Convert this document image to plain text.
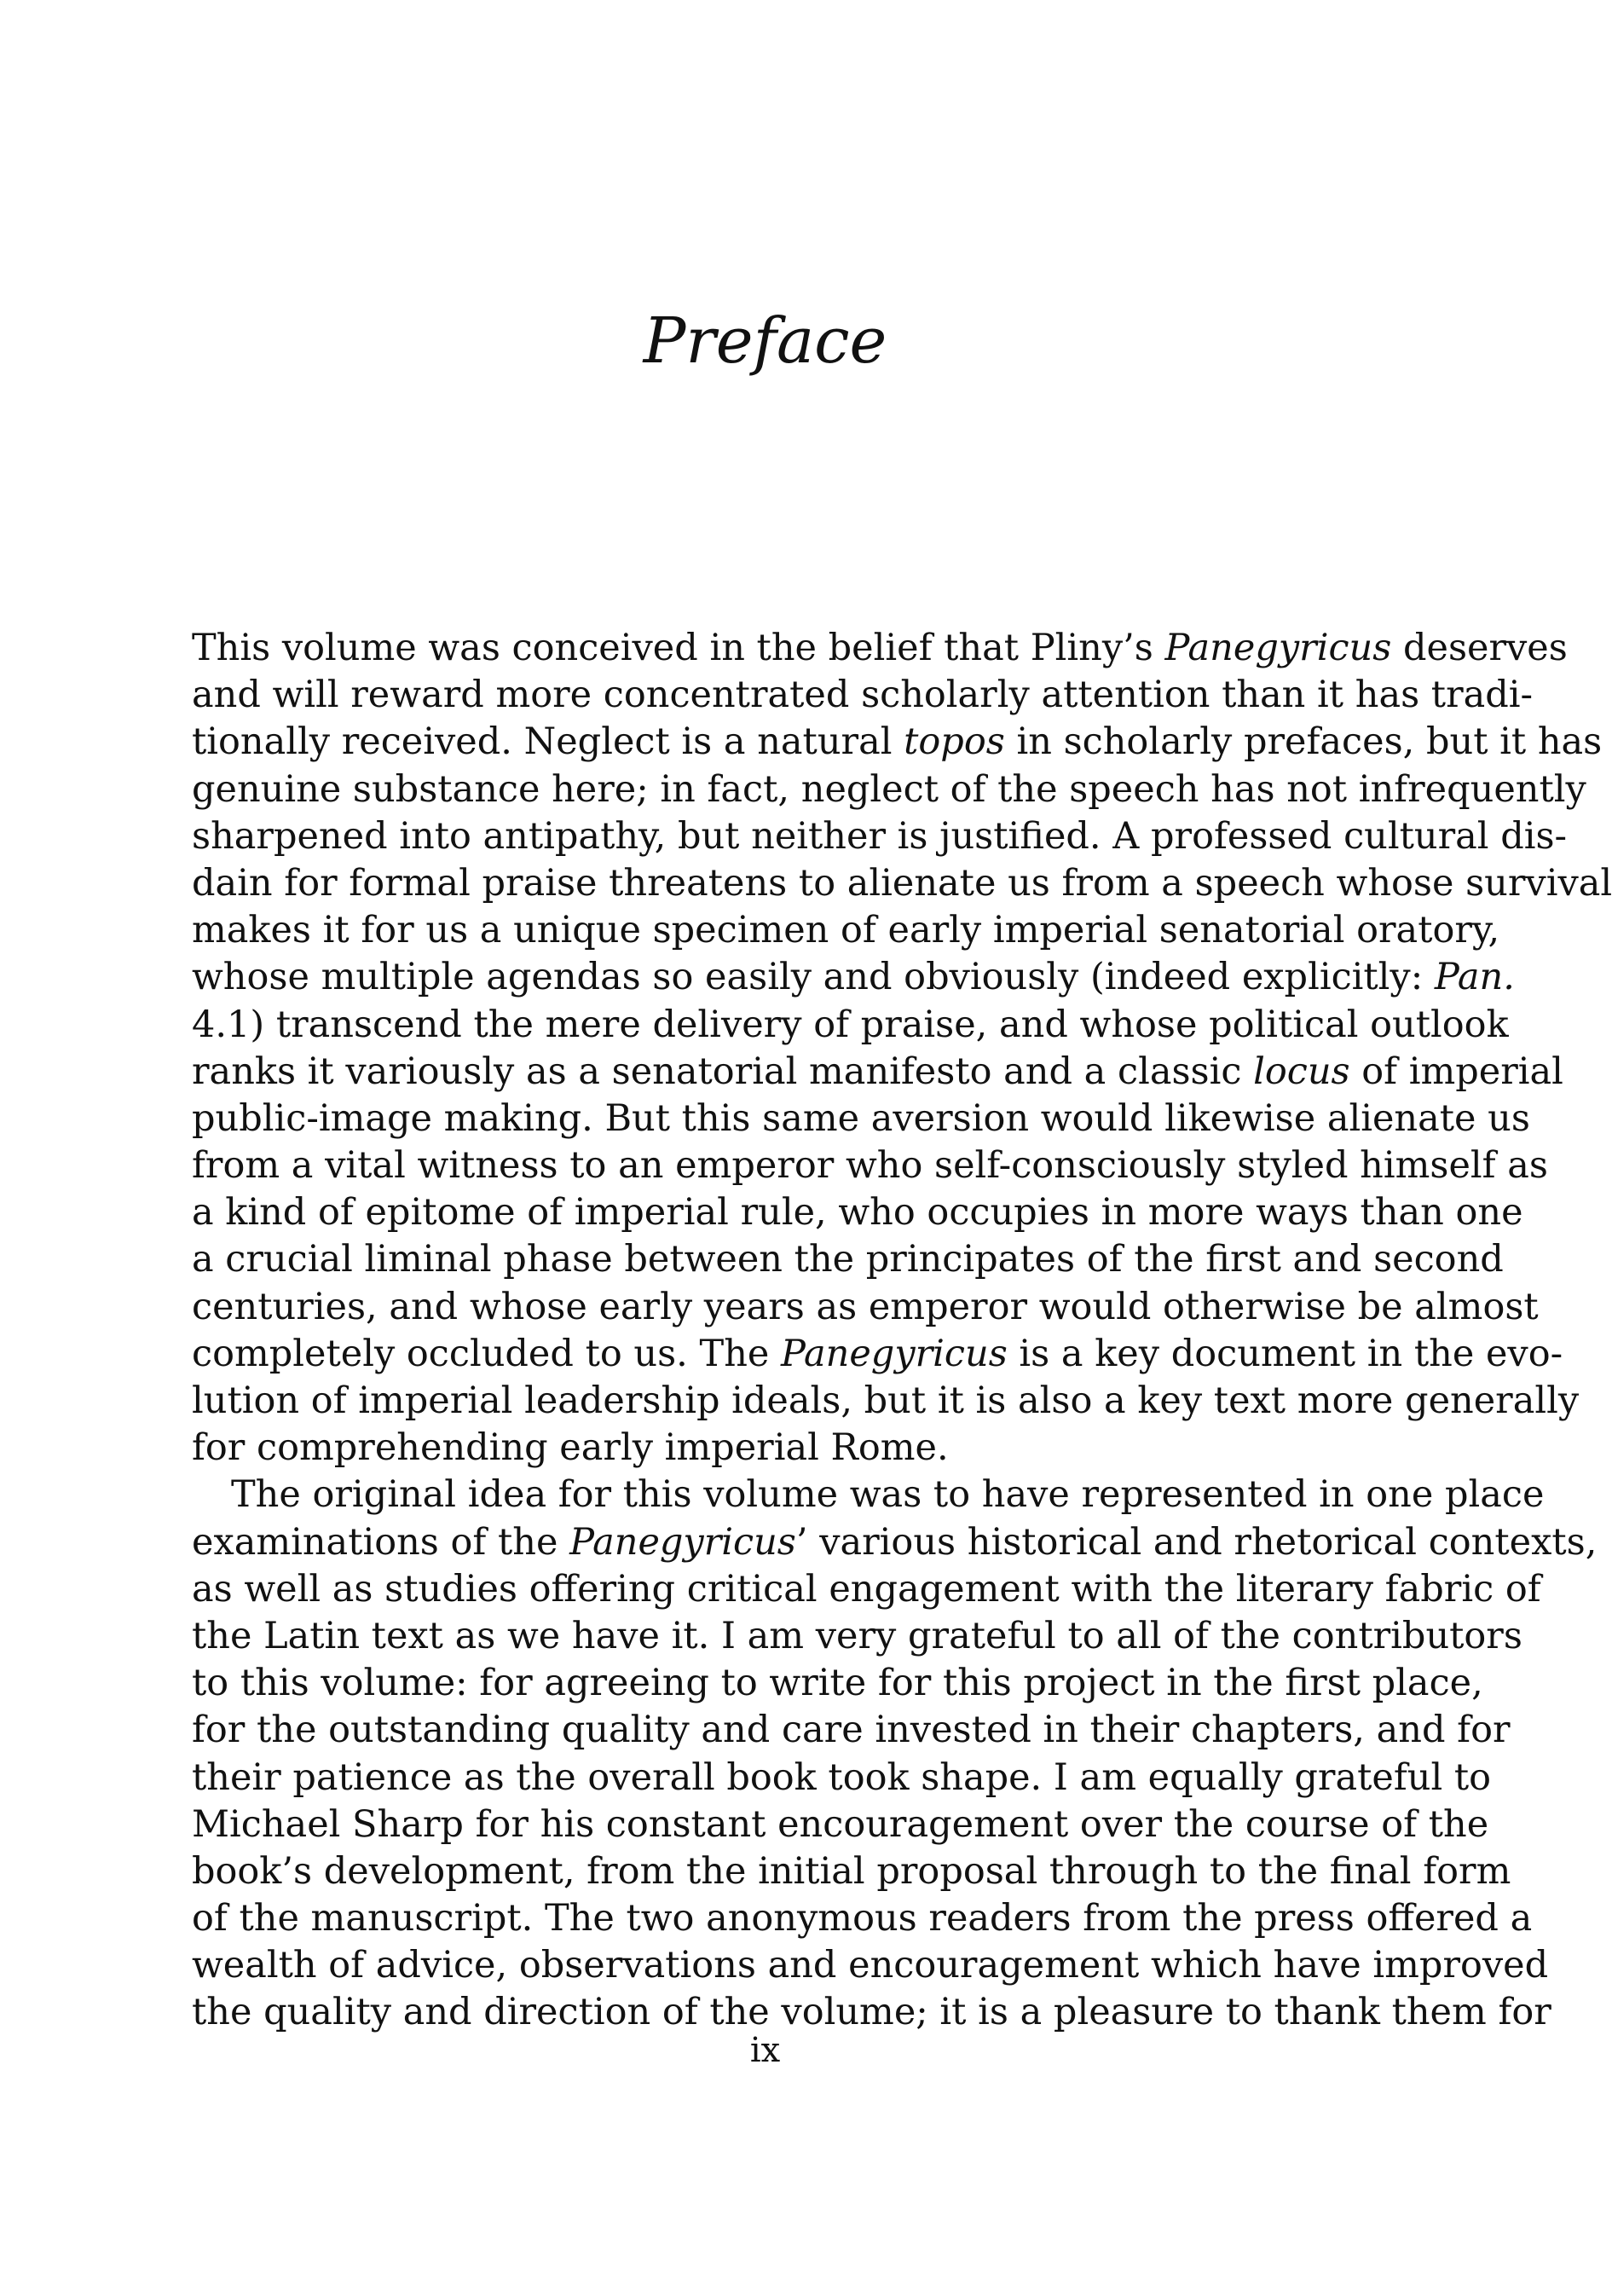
Preface
This volume was conceived in the belief that Pliny’s Panegyricus deserves
and will reward more concentrated scholarly attention than it has tradi-
tionally received. Neglect is a natural topos in scholarly prefaces, but it has
genuine substance here; in fact, neglect of the speech has not infrequently
sharpened into antipathy, but neither is justified. A professed cultural dis-
dain for formal praise threatens to alienate us from a speech whose survival
makes it for us a unique specimen of early imperial senatorial oratory,
whose multiple agendas so easily and obviously (indeed explicitly: Pan.
4.1) transcend the mere delivery of praise, and whose political outlook
ranks it variously as a senatorial manifesto and a classic locus of imperial
public-image making. But this same aversion would likewise alienate us
from a vital witness to an emperor who self-consciously styled himself as
a kind of epitome of imperial rule, who occupies in more ways than one
a crucial liminal phase between the principates of the first and second
centuries, and whose early years as emperor would otherwise be almost
completely occluded to us. The Panegyricus is a key document in the evo-
lution of imperial leadership ideals, but it is also a key text more generally
for comprehending early imperial Rome.
The original idea for this volume was to have represented in one place
examinations of the Panegyricus’ various historical and rhetorical contexts,
as well as studies offering critical engagement with the literary fabric of
the Latin text as we have it. I am very grateful to all of the contributors
to this volume: for agreeing to write for this project in the first place,
for the outstanding quality and care invested in their chapters, and for
their patience as the overall book took shape. I am equally grateful to
Michael Sharp for his constant encouragement over the course of the
book’s development, from the initial proposal through to the final form
of the manuscript. The two anonymous readers from the press offered a
wealth of advice, observations and encouragement which have improved
the quality and direction of the volume; it is a pleasure to thank them for
ix
